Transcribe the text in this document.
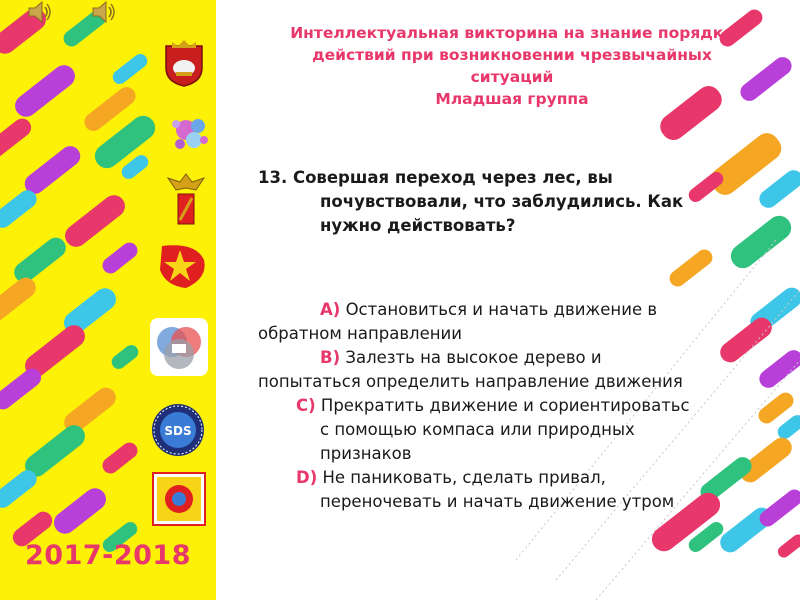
SDS
2017-2018
Интеллектуальная викторина на знание порядка
действий при возникновении чрезвычайных
ситуаций
Младшая группа
13. Совершая переход через лес, вы
почувствовали, что заблудились. Как
нужно действовать?
А) Остановиться и начать движение в
обратном направлении
В) Залезть на высокое дерево и
попытаться определить направление движения
С) Прекратить движение и сориентироватьс
с помощью компаса или природных
признаков
D) Не паниковать, сделать привал,
переночевать и начать движение утром
